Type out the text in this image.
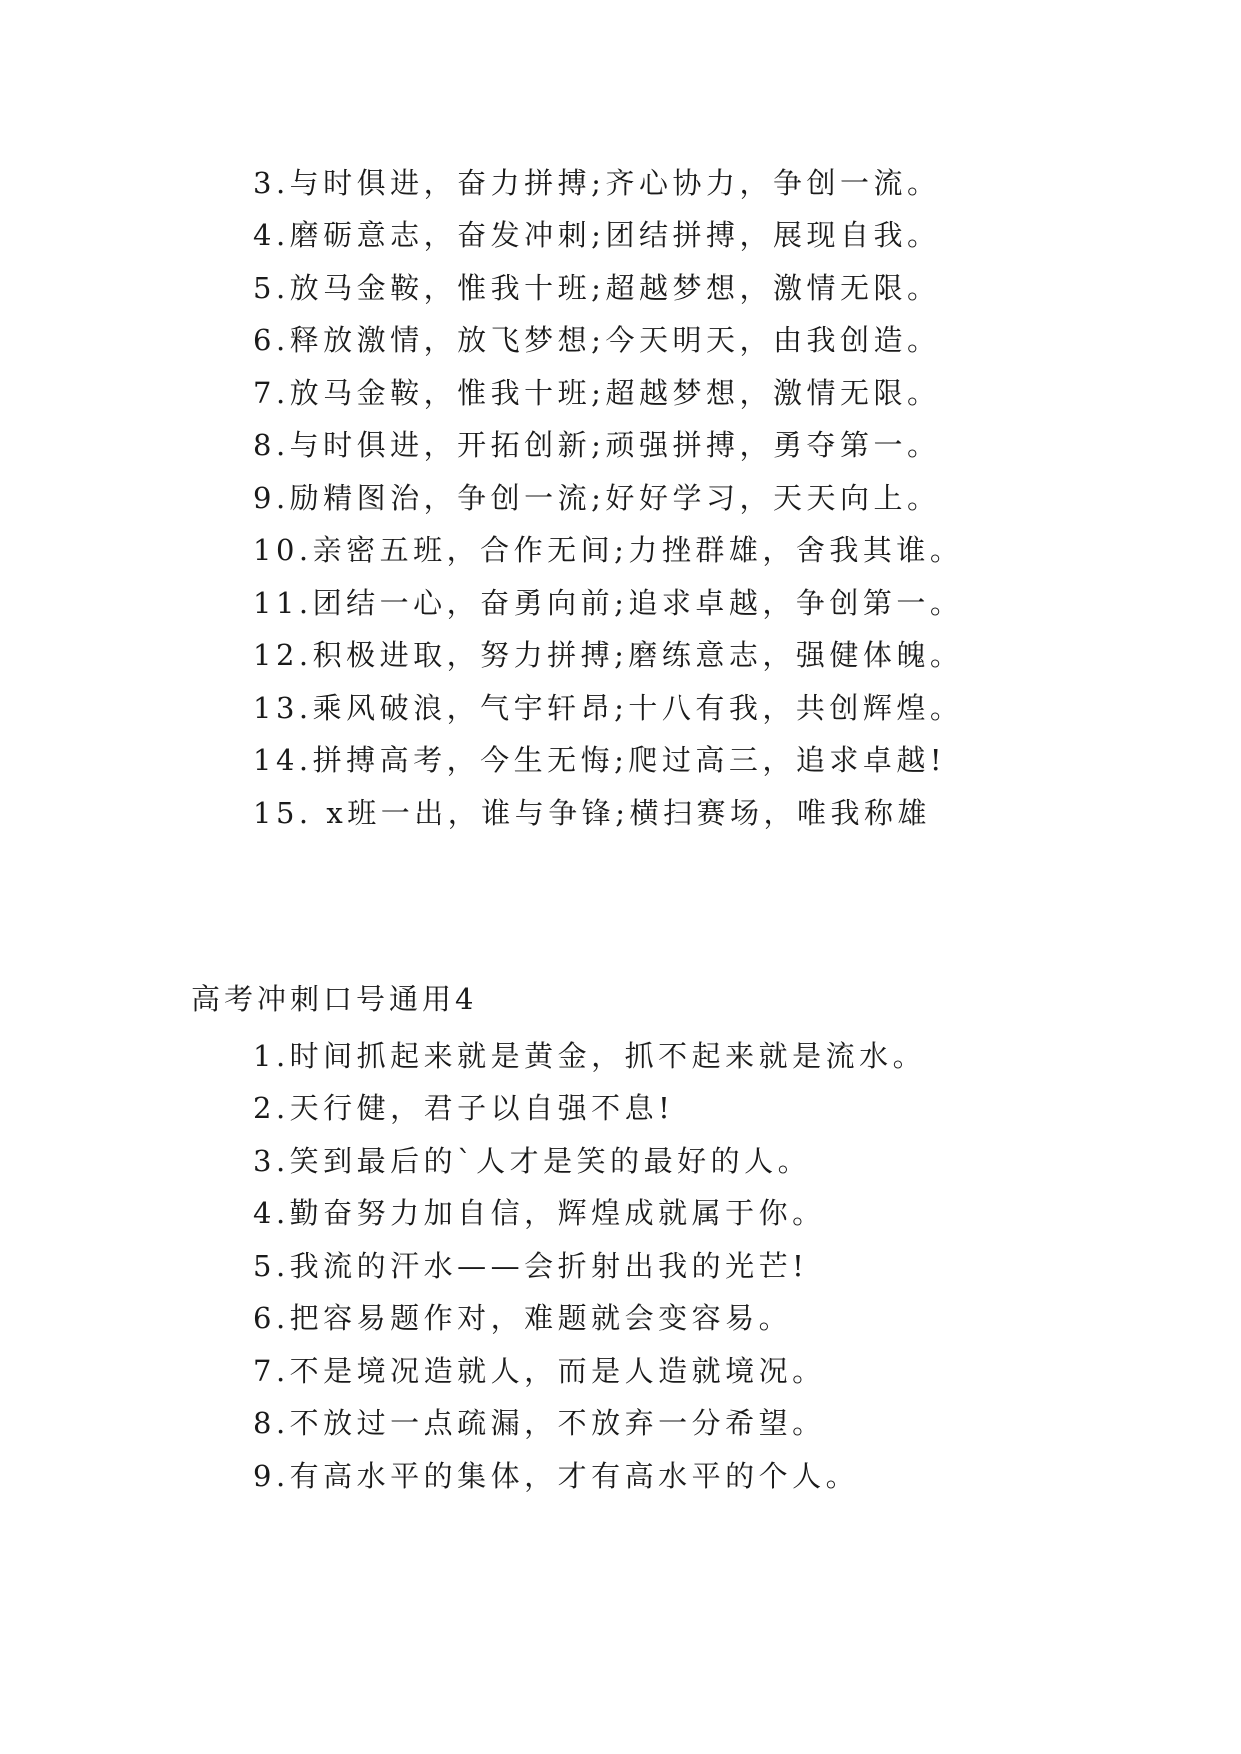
3.与时俱进，奋力拼搏;齐心协力，争创一流。
4.磨砺意志，奋发冲刺;团结拼搏，展现自我。
5.放马金鞍，惟我十班;超越梦想，激情无限。
6.释放激情，放飞梦想;今天明天，由我创造。
7.放马金鞍，惟我十班;超越梦想，激情无限。
8.与时俱进，开拓创新;顽强拼搏，勇夺第一。
9.励精图治，争创一流;好好学习，天天向上。
10.亲密五班，合作无间;力挫群雄，舍我其谁。
11.团结一心，奋勇向前;追求卓越，争创第一。
12.积极进取，努力拼搏;磨练意志，强健体魄。
13.乘风破浪，气宇轩昂;十八有我，共创辉煌。
14.拼搏高考，今生无悔;爬过高三，追求卓越!
15. x班一出，谁与争锋;横扫赛场，唯我称雄
高考冲刺口号通用4
1.时间抓起来就是黄金，抓不起来就是流水。
2.天行健，君子以自强不息!
3.笑到最后的`人才是笑的最好的人。
4.勤奋努力加自信，辉煌成就属于你。
5.我流的汗水——会折射出我的光芒!
6.把容易题作对，难题就会变容易。
7.不是境况造就人，而是人造就境况。
8.不放过一点疏漏，不放弃一分希望。
9.有高水平的集体，才有高水平的个人。
